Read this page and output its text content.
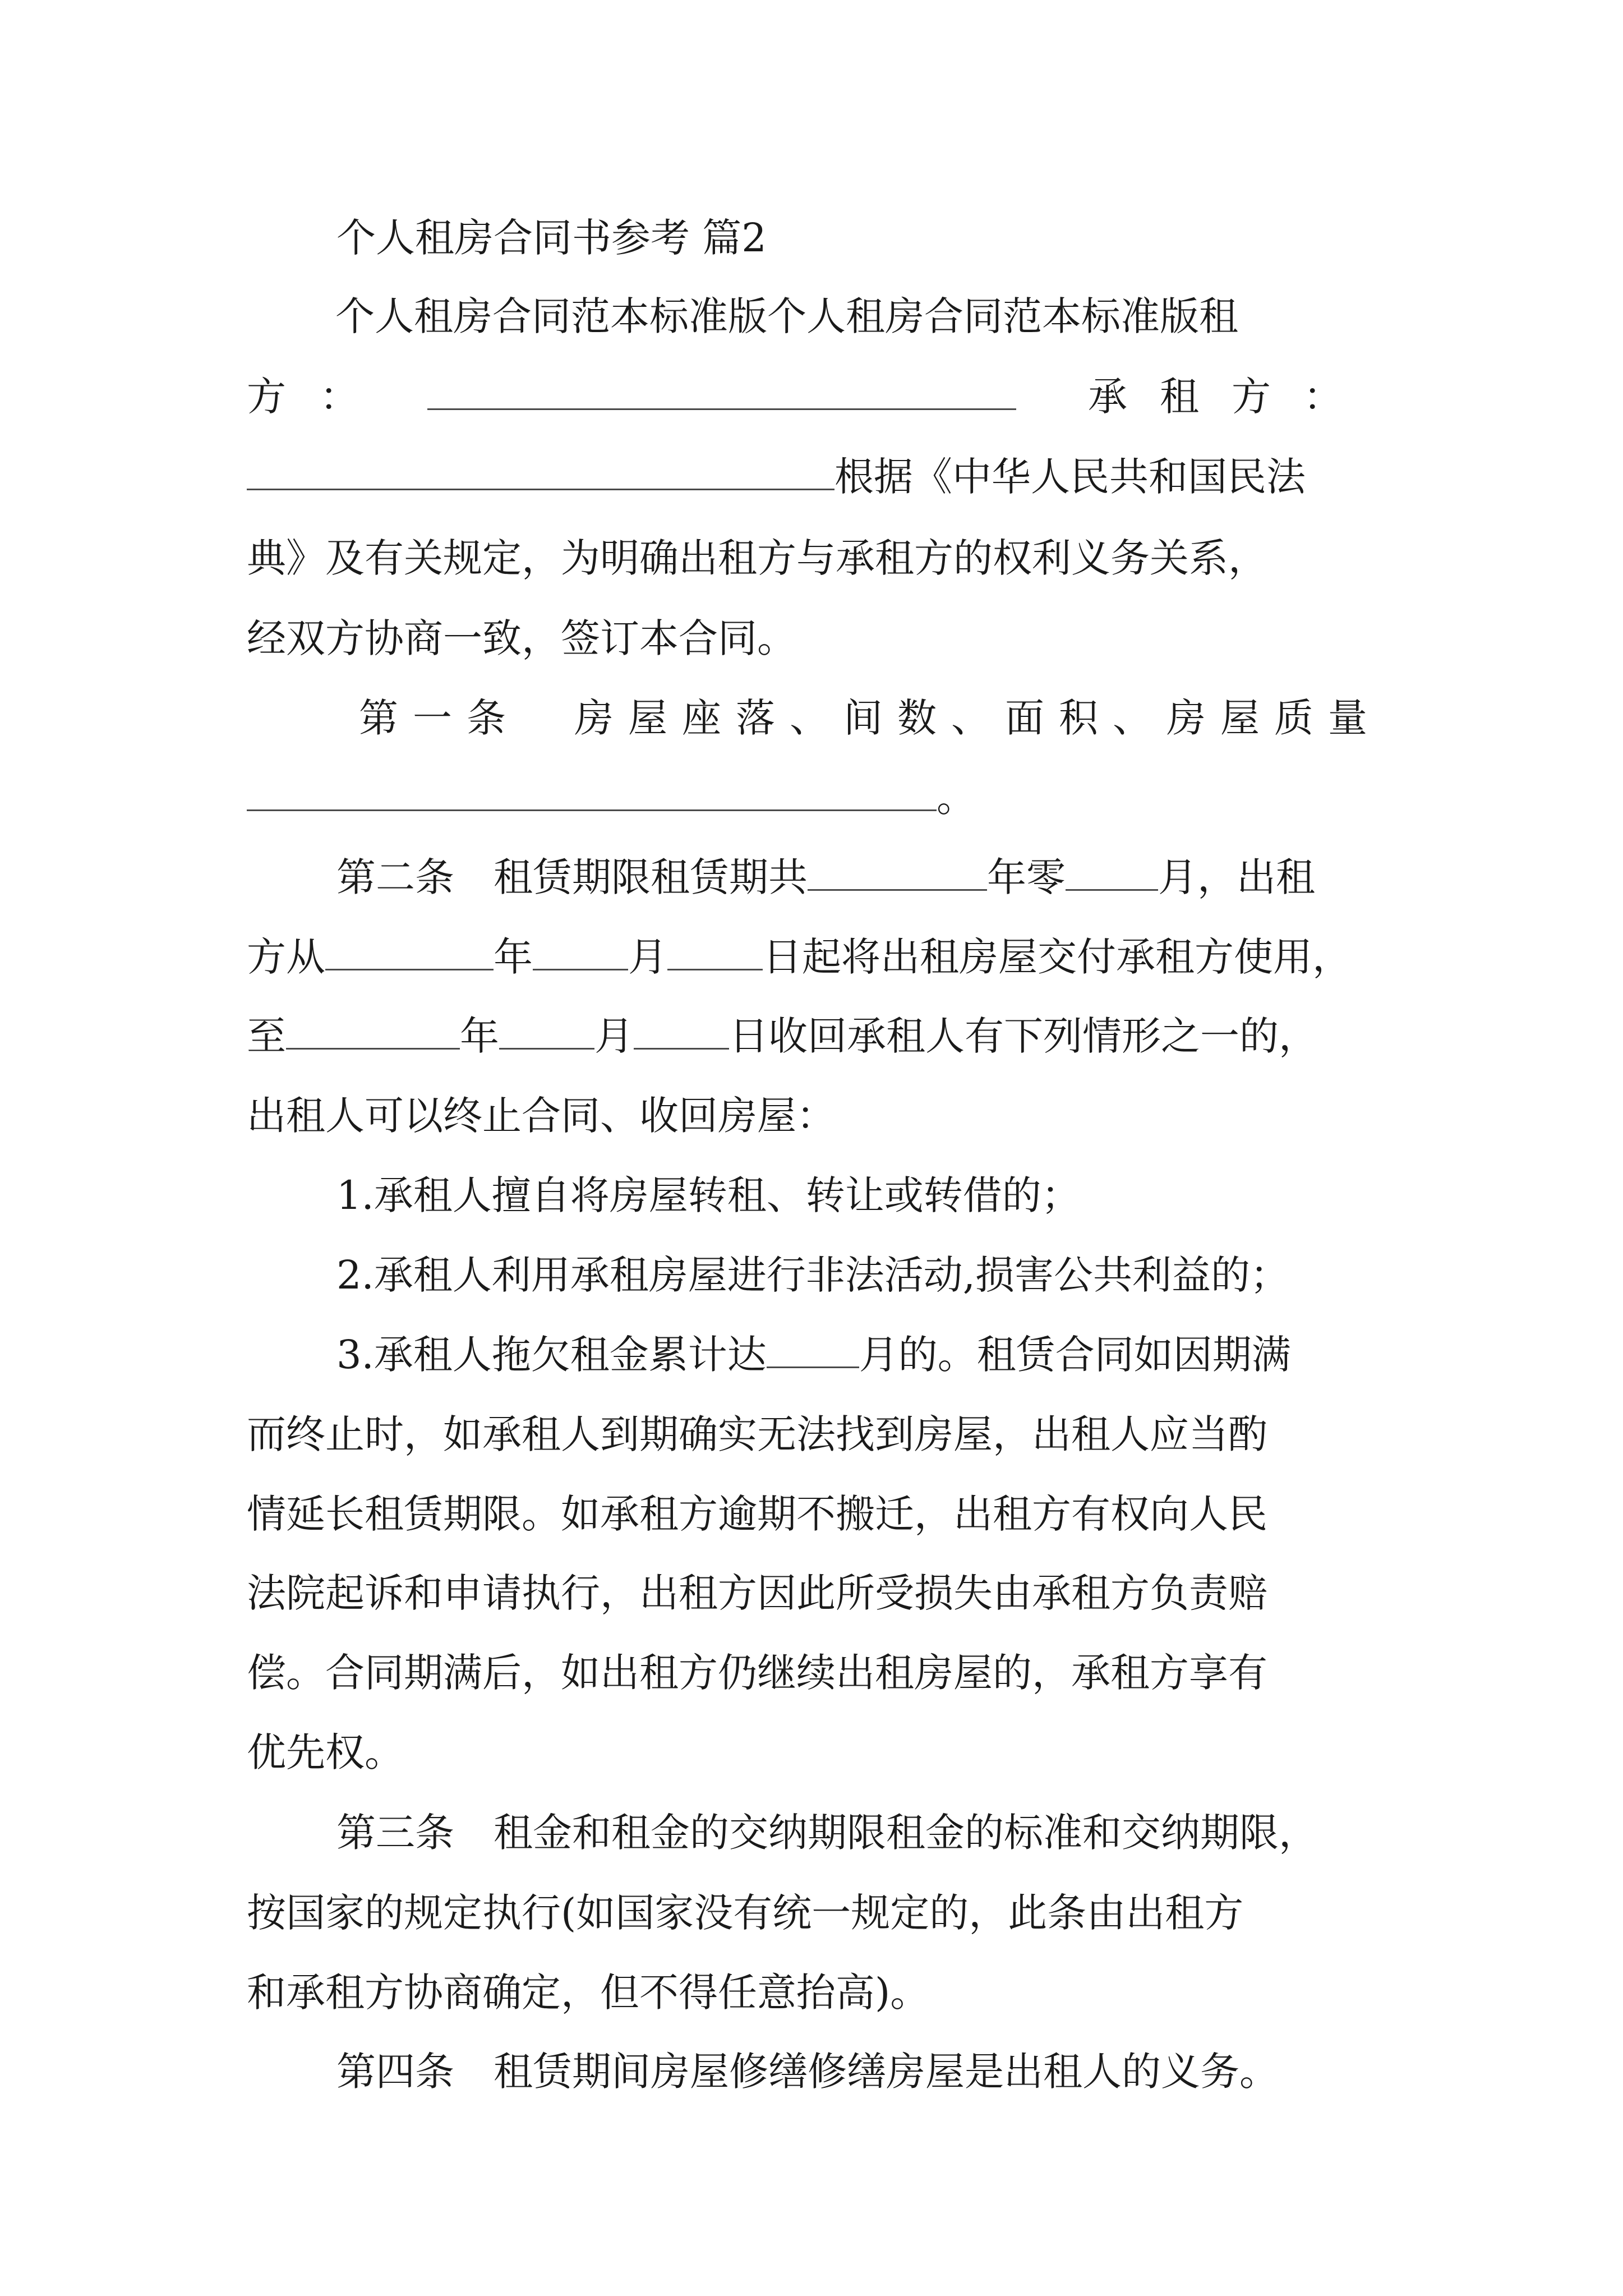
个人租房合同书参考 篇2
个人租房合同范本标准版个人租房合同范本标准版租
方：	承租方：
根据《中华人民共和国民法
典》及有关规定，为明确出租方与承租方的权利义务关系，
经双方协商一致，签订本合同。
第一条　房屋座落、间数、面积、房屋质量
。
第二条　租赁期限租赁期共	年零 月，出租
方从	年 月 日起将出租房屋交付承租方使用，
至	年 月 日收回承租人有下列情形之一的，
出租人可以终止合同、收回房屋：
1.承租人擅自将房屋转租、转让或转借的；
2.承租人利用承租房屋进行非法活动,损害公共利益的；
3.承租人拖欠租金累计达 月的。租赁合同如因期满
而终止时，如承租人到期确实无法找到房屋，出租人应当酌
情延长租赁期限。如承租方逾期不搬迁，出租方有权向人民
法院起诉和申请执行，出租方因此所受损失由承租方负责赔
偿。合同期满后，如出租方仍继续出租房屋的，承租方享有
优先权。
第三条　租金和租金的交纳期限租金的标准和交纳期限，
按国家的规定执行(如国家没有统一规定的，此条由出租方
和承租方协商确定，但不得任意抬高)。
第四条　租赁期间房屋修缮修缮房屋是出租人的义务。
